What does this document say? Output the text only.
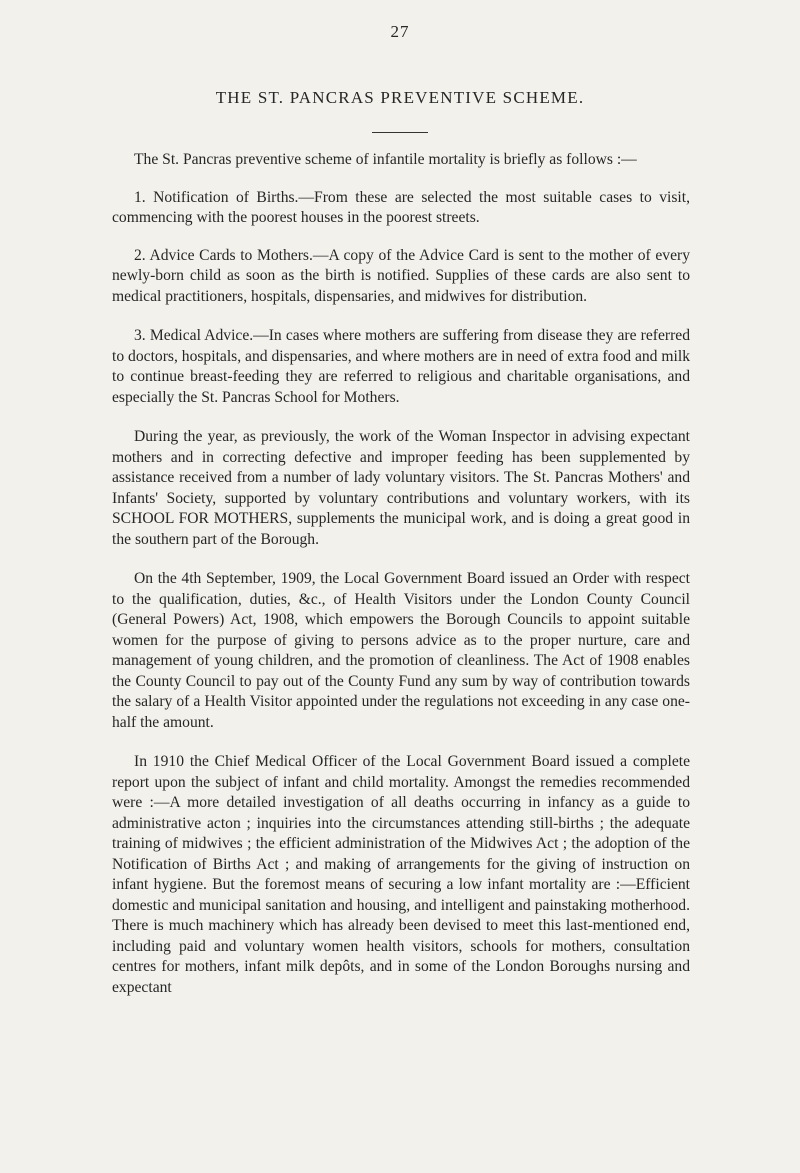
27
THE ST. PANCRAS PREVENTIVE SCHEME.

The St. Pancras preventive scheme of infantile mortality is briefly as follows :—

1. Notification of Births.—From these are selected the most suitable cases to visit, commencing with the poorest houses in the poorest streets.

2. Advice Cards to Mothers.—A copy of the Advice Card is sent to the mother of every newly-born child as soon as the birth is notified. Supplies of these cards are also sent to medical practitioners, hospitals, dispensaries, and midwives for distribution.

3. Medical Advice.—In cases where mothers are suffering from disease they are referred to doctors, hospitals, and dispensaries, and where mothers are in need of extra food and milk to continue breast-feeding they are referred to religious and charitable organisations, and especially the St. Pancras School for Mothers.

During the year, as previously, the work of the Woman Inspector in advising expectant mothers and in correcting defective and improper feeding has been supplemented by assistance received from a number of lady voluntary visitors. The St. Pancras Mothers' and Infants' Society, supported by voluntary contributions and voluntary workers, with its SCHOOL FOR MOTHERS, supplements the municipal work, and is doing a great good in the southern part of the Borough.

On the 4th September, 1909, the Local Government Board issued an Order with respect to the qualification, duties, &c., of Health Visitors under the London County Council (General Powers) Act, 1908, which empowers the Borough Councils to appoint suitable women for the purpose of giving to persons advice as to the proper nurture, care and management of young children, and the promotion of cleanliness. The Act of 1908 enables the County Council to pay out of the County Fund any sum by way of contribution towards the salary of a Health Visitor appointed under the regulations not exceeding in any case one-half the amount.

In 1910 the Chief Medical Officer of the Local Government Board issued a complete report upon the subject of infant and child mortality. Amongst the remedies recommended were :—A more detailed investigation of all deaths occurring in infancy as a guide to administrative acton ; inquiries into the circumstances attending still-births ; the adequate training of midwives ; the efficient administration of the Midwives Act ; the adoption of the Notification of Births Act ; and making of arrangements for the giving of instruction on infant hygiene. But the foremost means of securing a low infant mortality are :—Efficient domestic and municipal sanitation and housing, and intelligent and painstaking motherhood. There is much machinery which has already been devised to meet this last-mentioned end, including paid and voluntary women health visitors, schools for mothers, consultation centres for mothers, infant milk depôts, and in some of the London Boroughs nursing and expectant
